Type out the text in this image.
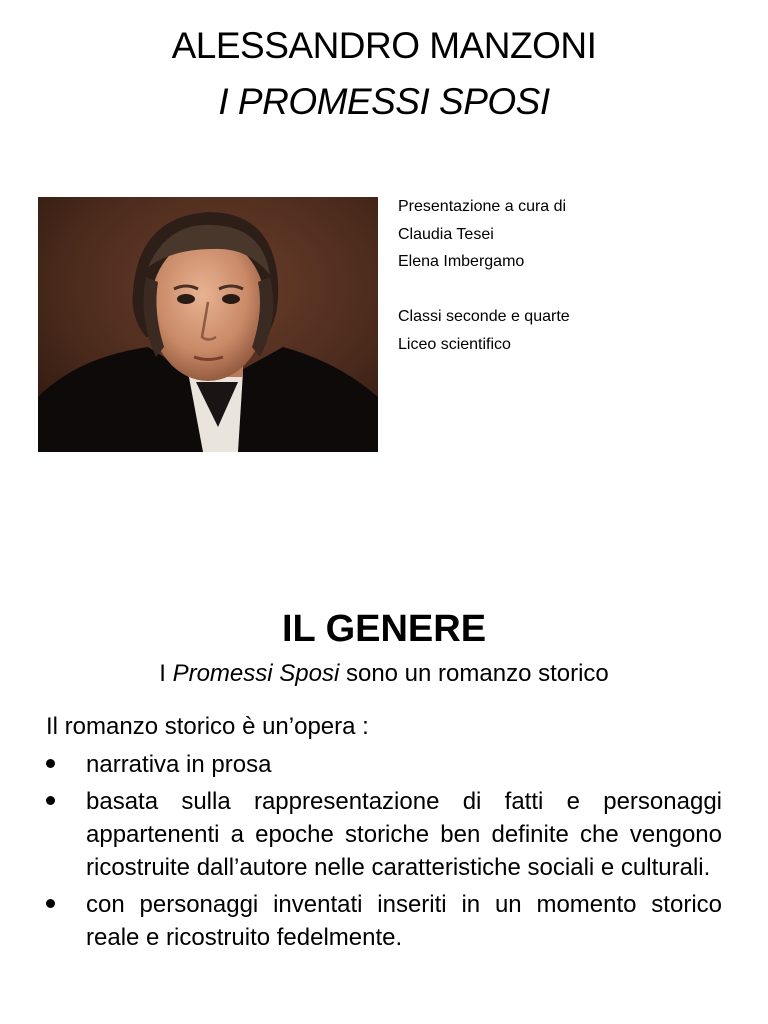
ALESSANDRO MANZONI
I PROMESSI SPOSI
Presentazione a cura di
Claudia Tesei
Elena Imbergamo
Classi seconde e quarte
Liceo scientifico
IL GENERE
I Promessi Sposi sono un romanzo storico
Il romanzo storico è un’opera :
narrativa in prosa
basata sulla rappresentazione di fatti e personaggi appartenenti a epoche storiche ben definite che vengono ricostruite dall’autore nelle caratteristiche sociali e culturali.
con personaggi inventati inseriti in un momento storico reale e ricostruito fedelmente.
